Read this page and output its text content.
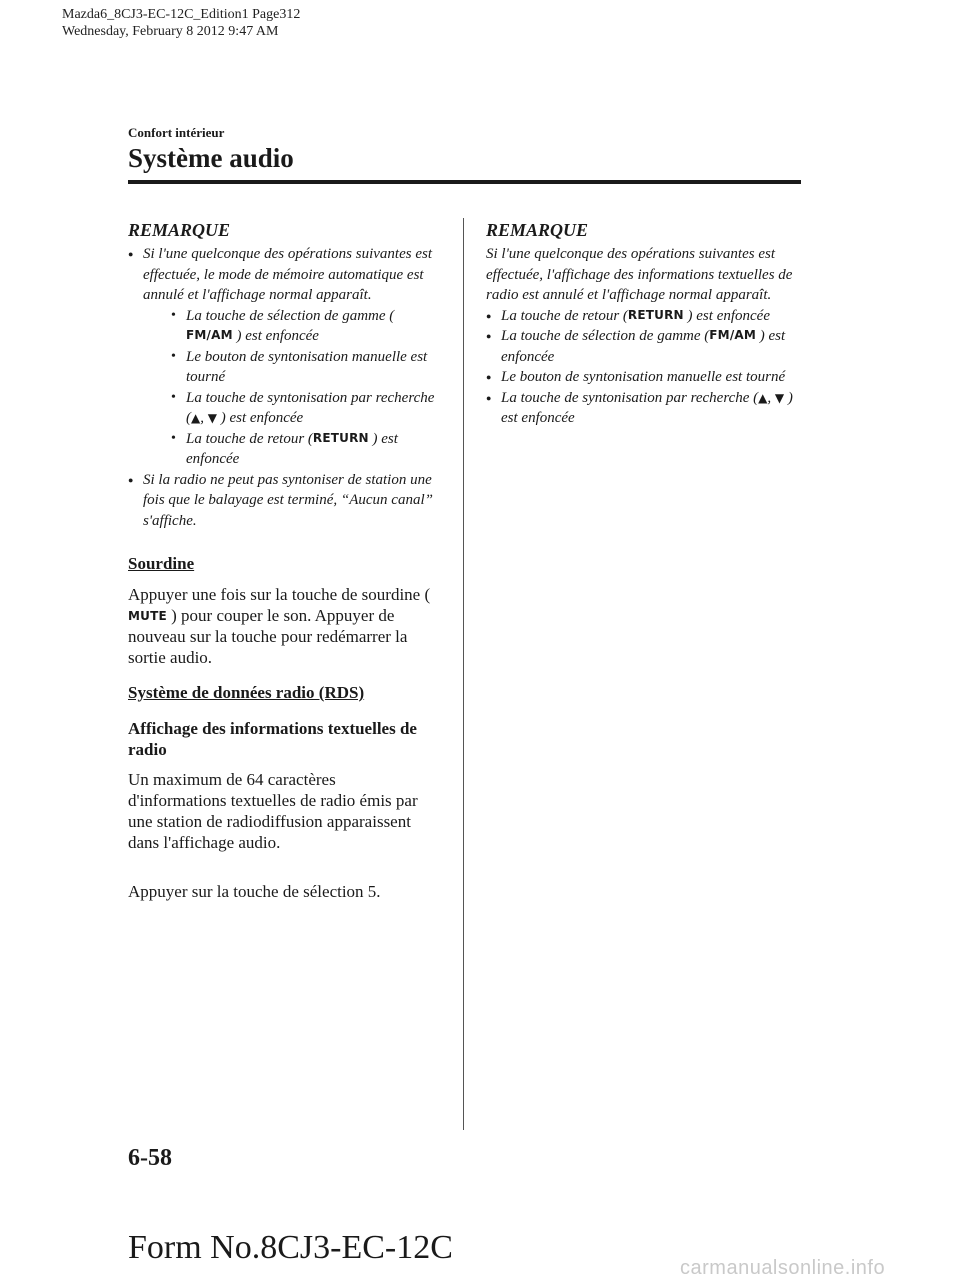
Mazda6_8CJ3-EC-12C_Edition1 Page312
Wednesday, February 8 2012 9:47 AM
Confort intérieur
Système audio
REMARQUE
● Si l'une quelconque des opérations suivantes est effectuée, le mode de mémoire automatique est annulé et l'affichage normal apparaît.
• La touche de sélection de gamme (FM/AM ) est enfoncée
• Le bouton de syntonisation manuelle est tourné
• La touche de syntonisation par recherche (▲, ▼ ) est enfoncée
• La touche de retour (RETURN ) est enfoncée
● Si la radio ne peut pas syntoniser de station une fois que le balayage est terminé, “Aucun canal” s'affiche.
Sourdine

Appuyer une fois sur la touche de sourdine (MUTE ) pour couper le son. Appuyer de nouveau sur la touche pour redémarrer la sortie audio.

Système de données radio (RDS)

Affichage des informations textuelles de radio

Un maximum de 64 caractères d'informations textuelles de radio émis par une station de radiodiffusion apparaissent dans l'affichage audio.

Appuyer sur la touche de sélection 5.

REMARQUE

Si l'une quelconque des opérations suivantes est effectuée, l'affichage des informations textuelles de radio est annulé et l'affichage normal apparaît.

● La touche de retour (RETURN ) est enfoncée
● La touche de sélection de gamme (FM/AM ) est enfoncée
● Le bouton de syntonisation manuelle est tourné
● La touche de syntonisation par recherche (▲, ▼ ) est enfoncée
6-58
Form No.8CJ3-EC-12C
carmanualsonline.info
